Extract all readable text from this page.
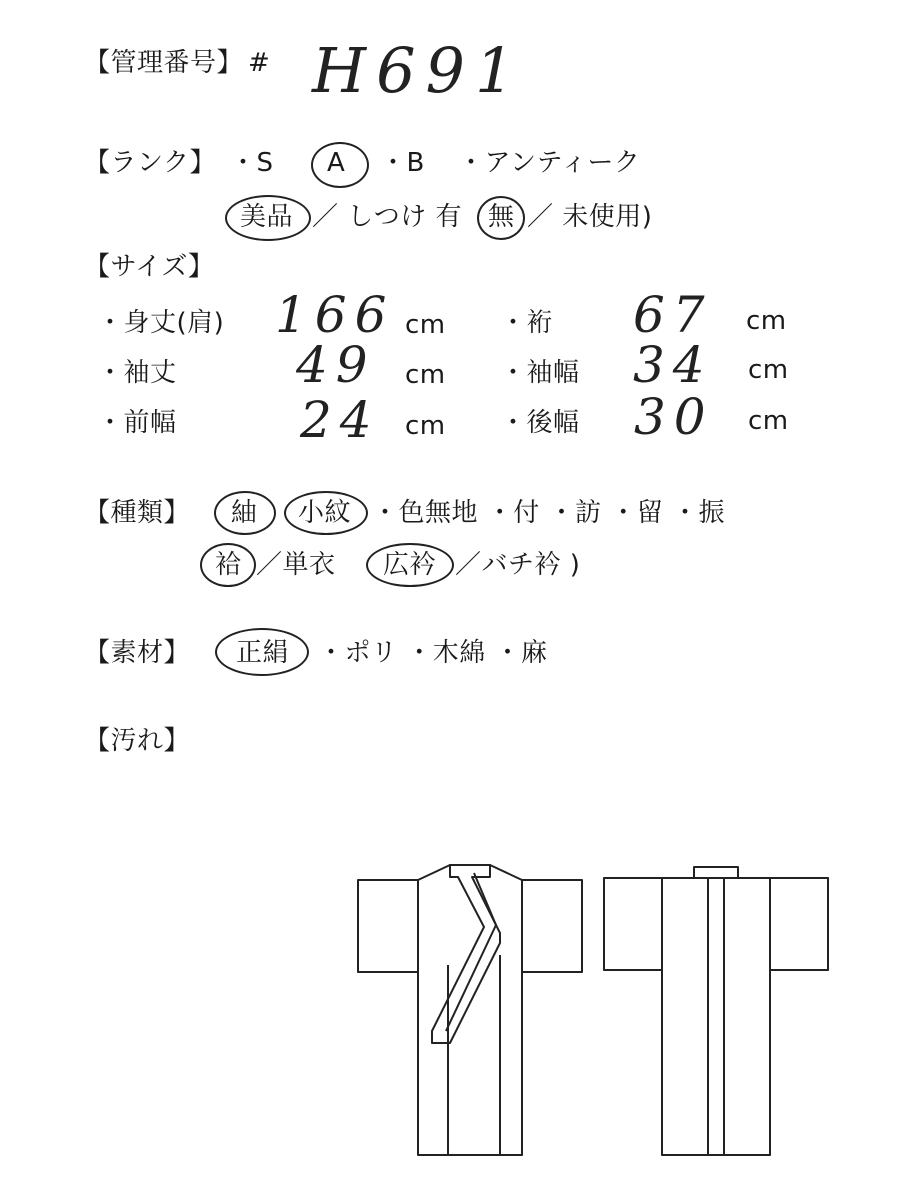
【管理番号】 # H691
【ランク】 ・S A ・B ・アンティーク
美品 ／ しつけ 有 無 ／ 未使用)
【サイズ】
・身丈(肩) 166 cm ・裄 67 cm
・袖丈 49 cm ・袖幅 34 cm
・前幅 24 cm ・後幅 30 cm
【種類】 紬 小紋 ・色無地 ・付 ・訪 ・留 ・振
袷 ／単衣 広衿 ／バチ衿 )
【素材】 正絹 ・ポリ ・木綿 ・麻
【汚れ】
